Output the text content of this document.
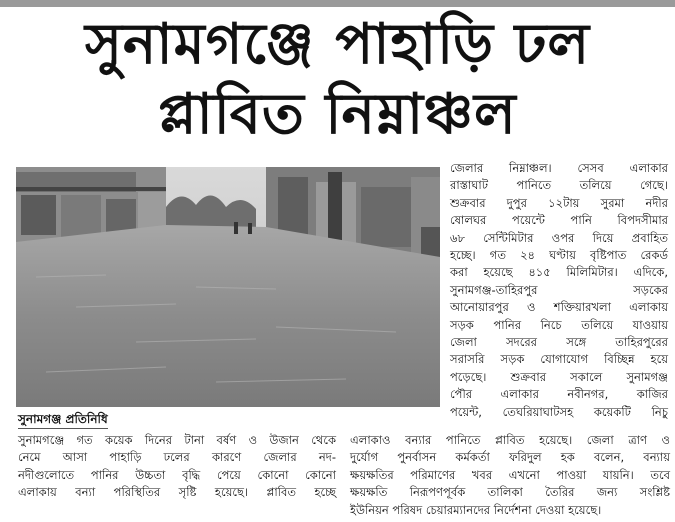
সুনামগঞ্জে পাহাড়ি ঢল
প্লাবিত নিম্নাঞ্চল

জেলার নিম্নাঞ্চল। সেসব এলাকার
রাস্তাঘাট পানিতে তলিয়ে গেছে।
শুক্রবার দুপুর ১২টায় সুরমা নদীর
ষোলঘর পয়েন্টে পানি বিপদসীমার
৬৮ সেন্টিমিটার ওপর দিয়ে প্রবাহিত
হচ্ছে। গত ২৪ ঘণ্টায় বৃষ্টিপাত রেকর্ড
করা হয়েছে ৪১৫ মিলিমিটার। এদিকে,
সুনামগঞ্জ-তাহিরপুর সড়কের
আনোয়ারপুর ও শক্তিয়ারখলা এলাকায়
সড়ক পানির নিচে তলিয়ে যাওয়ায়
জেলা সদরের সঙ্গে তাহিরপুরের
সরাসরি সড়ক যোগাযোগ বিচ্ছিন্ন হয়ে
পড়েছে। শুক্রবার সকালে সুনামগঞ্জ
পৌর এলাকার নবীনগর, কাজির
পয়েন্ট, তেঘরিয়াঘাটসহ কয়েকটি নিচু

সুনামগঞ্জ প্রতিনিধি

সুনামগঞ্জে গত কয়েক দিনের টানা বর্ষণ ও উজান থেকে
নেমে আসা পাহাড়ি ঢলের কারণে জেলার নদ-
নদীগুলোতে পানির উচ্চতা বৃদ্ধি পেয়ে কোনো কোনো
এলাকায় বন্যা পরিস্থিতির সৃষ্টি হয়েছে। প্লাবিত হচ্ছে

এলাকাও বন্যার পানিতে প্লাবিত হয়েছে। জেলা ত্রাণ ও
দুর্যোগ পুনর্বাসন কর্মকর্তা ফরিদুল হক বলেন, বন্যায়
ক্ষয়ক্ষতির পরিমাণের খবর এখনো পাওয়া যায়নি। তবে
ক্ষয়ক্ষতি নিরূপণপূর্বক তালিকা তৈরির জন্য সংশ্লিষ্ট
ইউনিয়ন পরিষদ চেয়ারম্যানদের নির্দেশনা দেওয়া হয়েছে।
